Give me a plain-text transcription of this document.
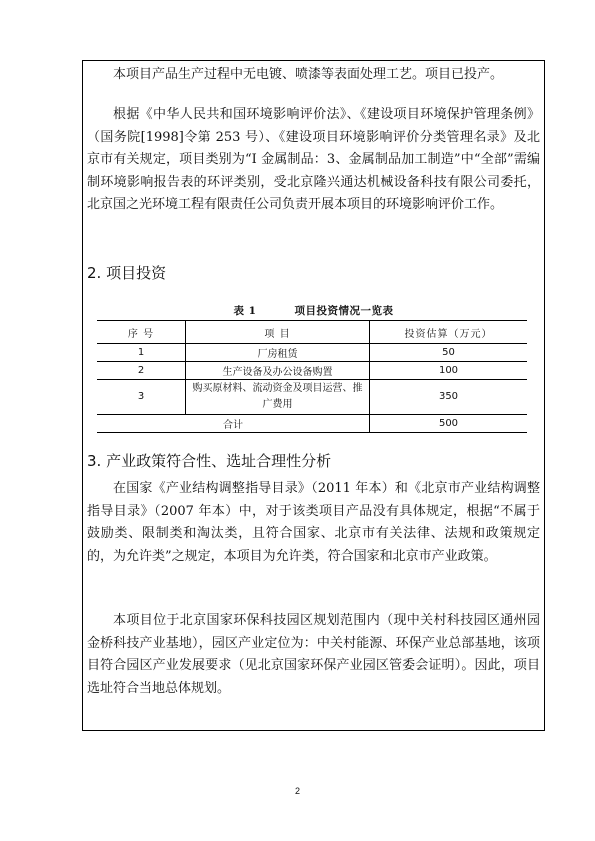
本项目产品生产过程中无电镀、喷漆等表面处理工艺。项目已投产。

根据《中华人民共和国环境影响评价法》、《建设项目环境保护管理条例》（国务院[1998]令第 253 号）、《建设项目环境影响评价分类管理名录》及北京市有关规定，项目类别为“I 金属制品：3、金属制品加工制造”中“全部”需编制环境影响报告表的环评类别，受北京隆兴通达机械设备科技有限公司委托，北京国之光环境工程有限责任公司负责开展本项目的环境影响评价工作。

2. 项目投资
表 1	项目投资情况一览表
序 号	项 目	投资估算（万元）
1	厂房租赁	50
2	生产设备及办公设备购置	100
3	购买原材料、流动资金及项目运营、推广费用	350
合计		500
3. 产业政策符合性、选址合理性分析

在国家《产业结构调整指导目录》（2011 年本）和《北京市产业结构调整指导目录》（2007 年本）中，对于该类项目产品没有具体规定，根据“不属于鼓励类、限制类和淘汰类，且符合国家、北京市有关法律、法规和政策规定的，为允许类”之规定，本项目为允许类，符合国家和北京市产业政策。

本项目位于北京国家环保科技园区规划范围内（现中关村科技园区通州园金桥科技产业基地），园区产业定位为：中关村能源、环保产业总部基地，该项目符合园区产业发展要求（见北京国家环保产业园区管委会证明）。因此，项目选址符合当地总体规划。

2
